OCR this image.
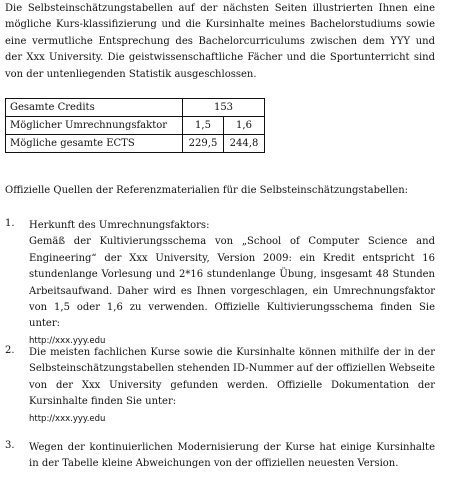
Die Selbsteinschätzungstabellen auf der nächsten Seiten illustrierten Ihnen eine mögliche Kurs-klassifizierung und die Kursinhalte meines Bachelorstudiums sowie eine vermutliche Entsprechung des Bachelorcurriculums zwischen dem YYY und der Xxx University. Die geistwissenschaftliche Fächer und die Sportunterricht sind von der untenliegenden Statistik ausgeschlossen.
Gesamte Credits	153	
Möglicher Umrechnungsfaktor	1,5	1,6
Mögliche gesamte ECTS	229,5	244,8
Offizielle Quellen der Referenzmaterialien für die Selbsteinschätzungstabellen:
1. Herkunft des Umrechnungsfaktors:
Gemäß der Kultivierungsschema von „School of Computer Science and Engineering“ der Xxx University, Version 2009: ein Kredit entspricht 16 stundenlange Vorlesung und 2*16 stundenlange Übung, insgesamt 48 Stunden Arbeitsaufwand. Daher wird es Ihnen vorgeschlagen, ein Umrechnungsfaktor von 1,5 oder 1,6 zu verwenden. Offizielle Kultivierungsschema finden Sie unter:
http://xxx.yyy.edu
2. Die meisten fachlichen Kurse sowie die Kursinhalte können mithilfe der in der Selbsteinschätzungstabellen stehenden ID-Nummer auf der offiziellen Webseite von der Xxx University gefunden werden. Offizielle Dokumentation der Kursinhalte finden Sie unter:
http://xxx.yyy.edu
3. Wegen der kontinuierlichen Modernisierung der Kurse hat einige Kursinhalte in der Tabelle kleine Abweichungen von der offiziellen neuesten Version.
